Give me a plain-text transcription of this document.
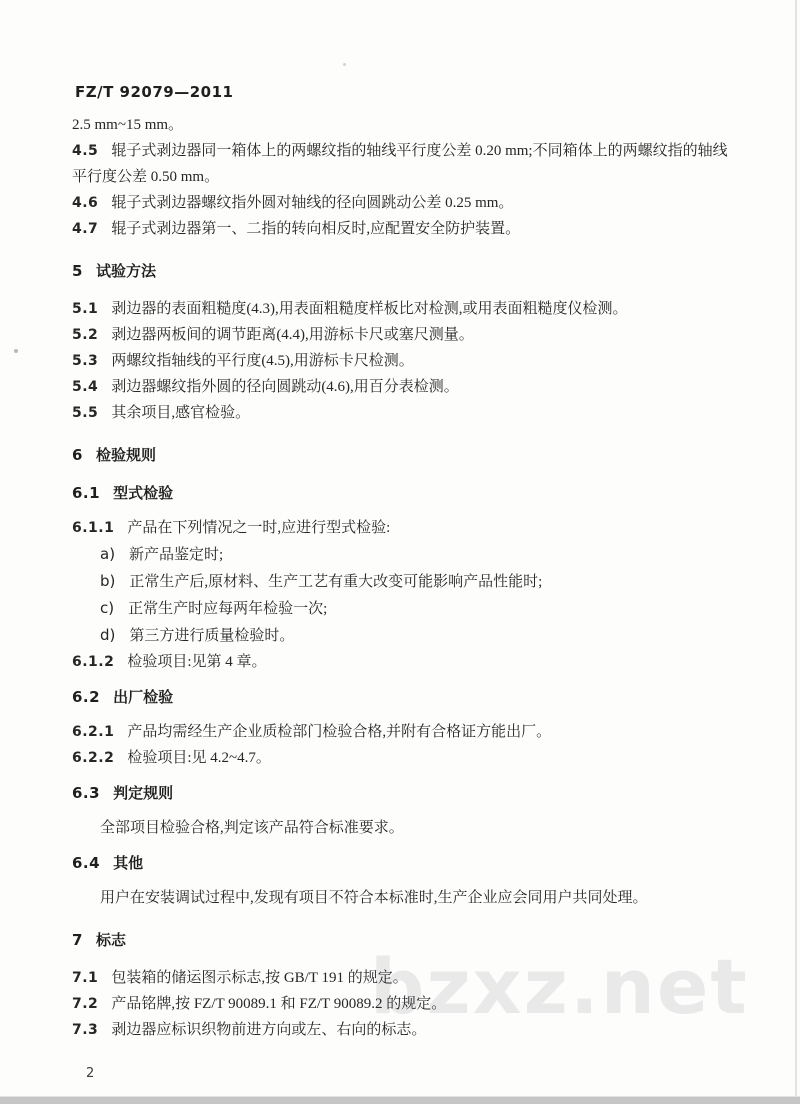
bzxz.net
FZ/T 92079—2011

2.5 mm~15 mm。

4.5 辊子式剥边器同一箱体上的两螺纹指的轴线平行度公差 0.20 mm;不同箱体上的两螺纹指的轴线平行度公差 0.50 mm。

4.6 辊子式剥边器螺纹指外圆对轴线的径向圆跳动公差 0.25 mm。

4.7 辊子式剥边器第一、二指的转向相反时,应配置安全防护装置。

5 试验方法

5.1 剥边器的表面粗糙度(4.3),用表面粗糙度样板比对检测,或用表面粗糙度仪检测。

5.2 剥边器两板间的调节距离(4.4),用游标卡尺或塞尺测量。

5.3 两螺纹指轴线的平行度(4.5),用游标卡尺检测。

5.4 剥边器螺纹指外圆的径向圆跳动(4.6),用百分表检测。

5.5 其余项目,感官检验。

6 检验规则

6.1 型式检验

6.1.1 产品在下列情况之一时,应进行型式检验:

a) 新产品鉴定时;

b) 正常生产后,原材料、生产工艺有重大改变可能影响产品性能时;

c) 正常生产时应每两年检验一次;

d) 第三方进行质量检验时。

6.1.2 检验项目:见第 4 章。

6.2 出厂检验

6.2.1 产品均需经生产企业质检部门检验合格,并附有合格证方能出厂。

6.2.2 检验项目:见 4.2~4.7。

6.3 判定规则

全部项目检验合格,判定该产品符合标准要求。

6.4 其他

用户在安装调试过程中,发现有项目不符合本标准时,生产企业应会同用户共同处理。

7 标志

7.1 包装箱的储运图示标志,按 GB/T 191 的规定。

7.2 产品铭牌,按 FZ/T 90089.1 和 FZ/T 90089.2 的规定。

7.3 剥边器应标识织物前进方向或左、右向的标志。

2
